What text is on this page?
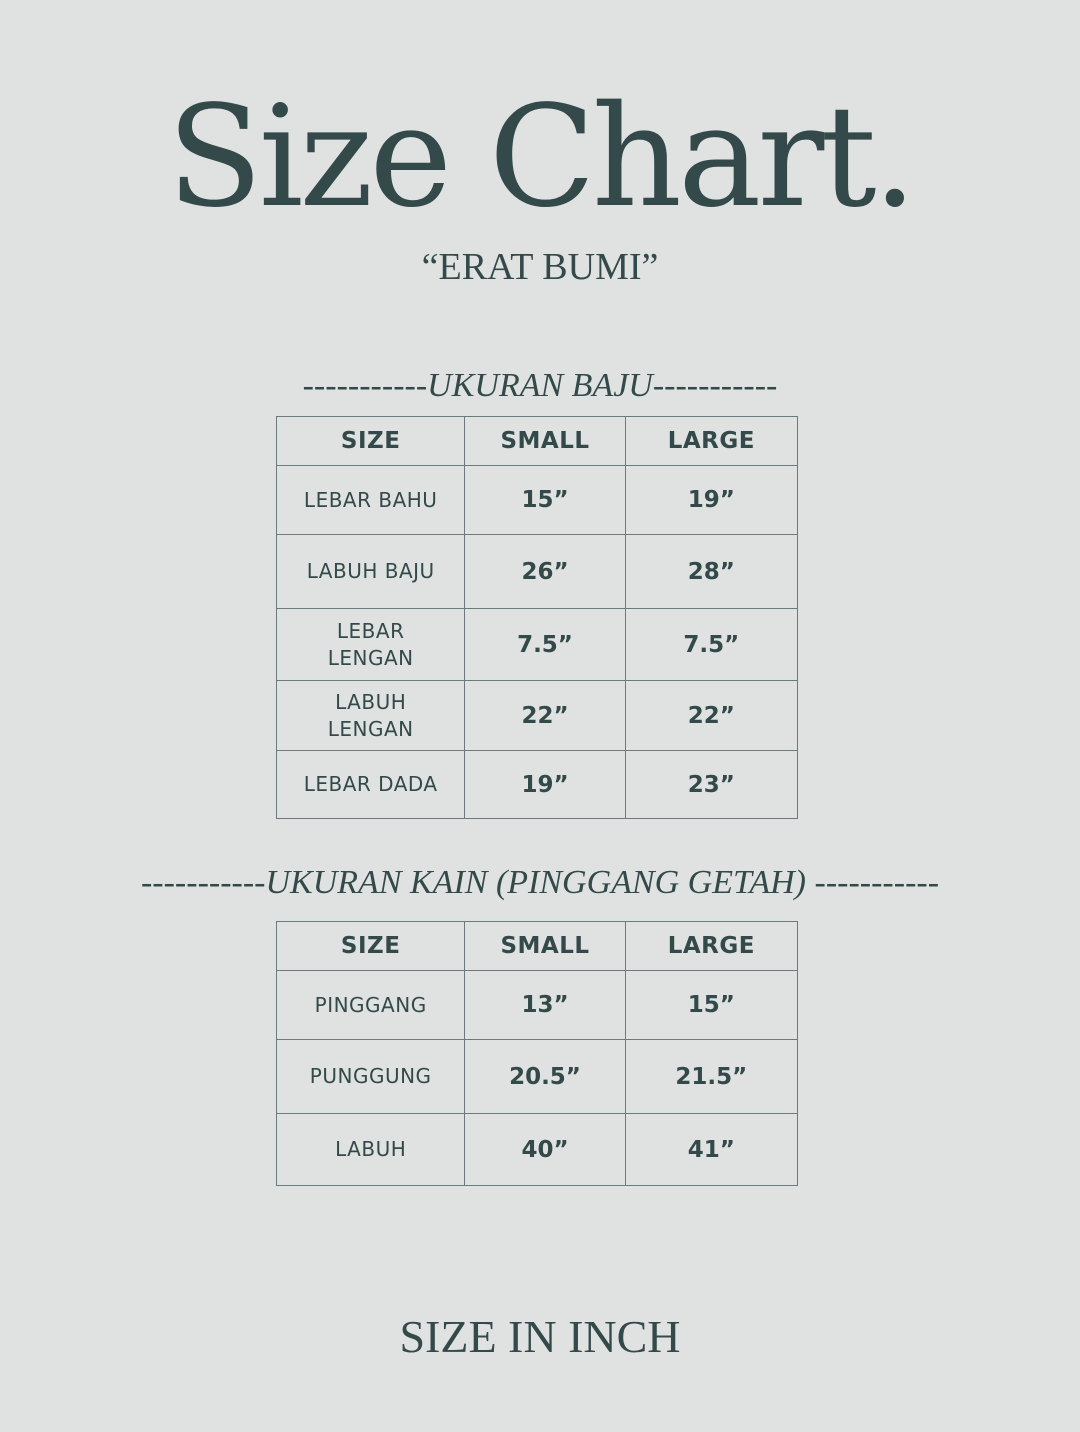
Size Chart.
“ERAT BUMI”
-----------UKURAN BAJU-----------
SIZE	SMALL	LARGE
LEBAR BAHU	15”	19”
LABUH BAJU	26”	28”
LEBAR LENGAN	7.5”	7.5”
LABUH LENGAN	22”	22”
LEBAR DADA	19”	23”
-----------UKURAN KAIN (PINGGANG GETAH) -----------
SIZE	SMALL	LARGE
PINGGANG	13”	15”
PUNGGUNG	20.5”	21.5”
LABUH	40”	41”
SIZE IN INCH
